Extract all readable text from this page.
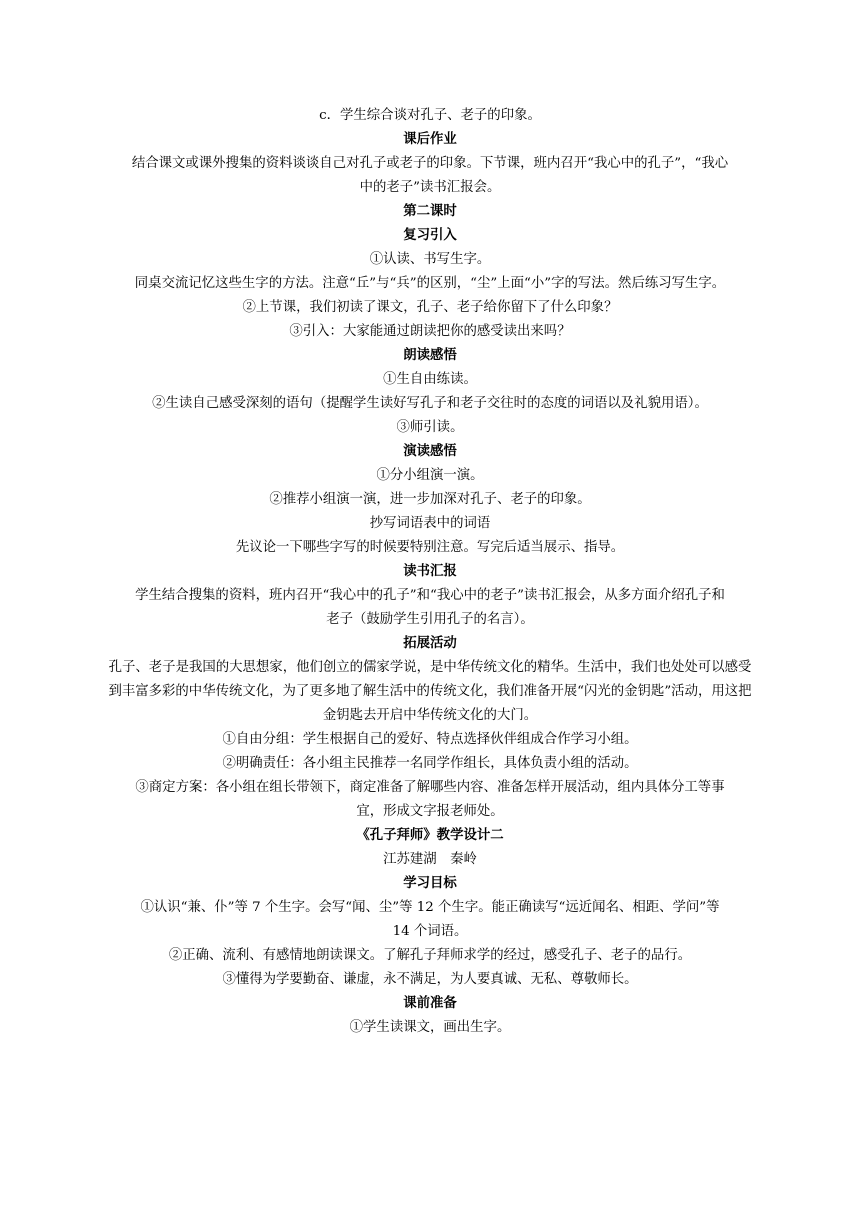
c．学生综合谈对孔子、老子的印象。

课后作业

结合课文或课外搜集的资料谈谈自己对孔子或老子的印象。下节课，班内召开“我心中的孔子”，“我心中的老子”读书汇报会。

第二课时

复习引入

①认读、书写生字。

同桌交流记忆这些生字的方法。注意“丘”与“兵”的区别，“尘”上面“小”字的写法。然后练习写生字。

②上节课，我们初读了课文，孔子、老子给你留下了什么印象？

③引入：大家能通过朗读把你的感受读出来吗？

朗读感悟

①生自由练读。

②生读自己感受深刻的语句（提醒学生读好写孔子和老子交往时的态度的词语以及礼貌用语）。

③师引读。

演读感悟

①分小组演一演。

②推荐小组演一演，进一步加深对孔子、老子的印象。

抄写词语表中的词语

先议论一下哪些字写的时候要特别注意。写完后适当展示、指导。

读书汇报

学生结合搜集的资料，班内召开“我心中的孔子”和“我心中的老子”读书汇报会，从多方面介绍孔子和老子（鼓励学生引用孔子的名言）。

拓展活动

孔子、老子是我国的大思想家，他们创立的儒家学说，是中华传统文化的精华。生活中，我们也处处可以感受到丰富多彩的中华传统文化，为了更多地了解生活中的传统文化，我们准备开展“闪光的金钥匙”活动，用这把金钥匙去开启中华传统文化的大门。

①自由分组：学生根据自己的爱好、特点选择伙伴组成合作学习小组。

②明确责任：各小组主民推荐一名同学作组长，具体负责小组的活动。

③商定方案：各小组在组长带领下，商定准备了解哪些内容、准备怎样开展活动，组内具体分工等事宜，形成文字报老师处。

《孔子拜师》教学设计二

江苏建湖　秦岭

学习目标

①认识“兼、仆”等 7 个生字。会写“闻、尘”等 12 个生字。能正确读写“远近闻名、相距、学问”等 14 个词语。

②正确、流利、有感情地朗读课文。了解孔子拜师求学的经过，感受孔子、老子的品行。

③懂得为学要勤奋、谦虚，永不满足，为人要真诚、无私、尊敬师长。

课前准备

①学生读课文，画出生字。
